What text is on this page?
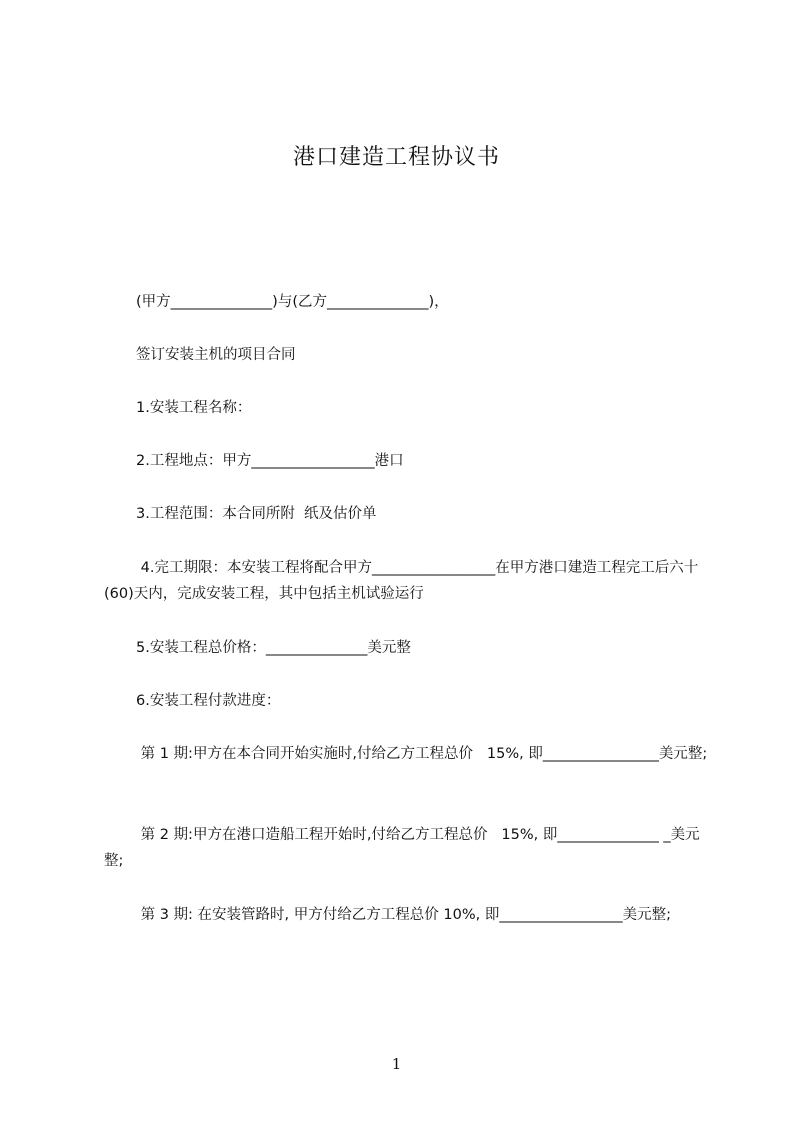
港口建造工程协议书
(甲方______________)与(乙方______________)，
签订安装主机的项目合同
1.安装工程名称：
2.工程地点：甲方_________________港口
3.工程范围：本合同所附  纸及估价单
4.完工期限：本安装工程将配合甲方_________________在甲方港口建造工程完工后六十(60)天内，完成安装工程，其中包括主机试验运行
5.安装工程总价格：______________美元整
6.安装工程付款进度：
第 1 期:甲方在本合同开始实施时,付给乙方工程总价   15%, 即________________美元整;
第 2 期:甲方在港口造船工程开始时,付给乙方工程总价   15%, 即______________ _美元整;
第 3 期: 在安装管路时, 甲方付给乙方工程总价 10%, 即_________________美元整;
1
